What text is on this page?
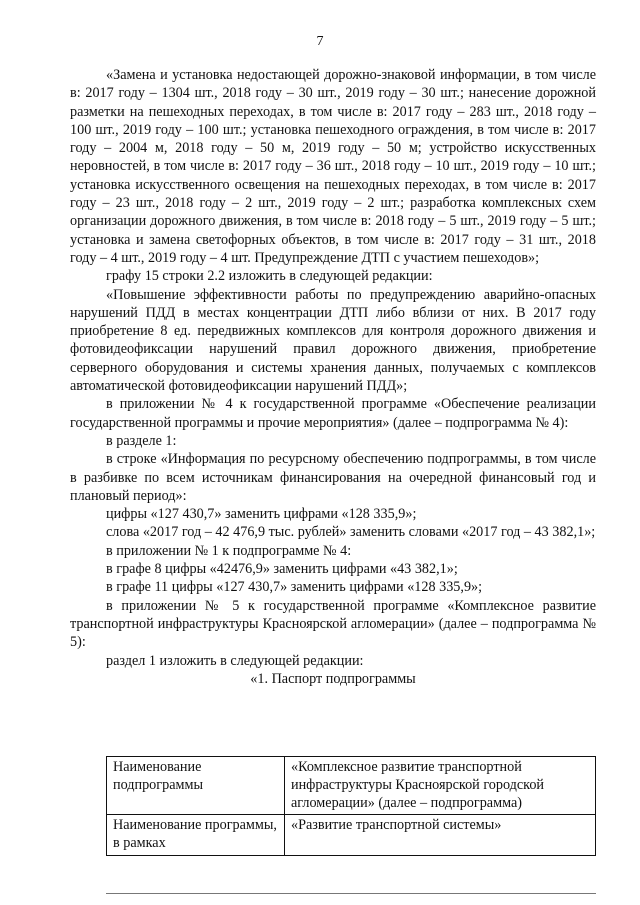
7

«Замена и установка недостающей дорожно-знаковой информации, в том числе в: 2017 году – 1304 шт., 2018 году – 30 шт., 2019 году – 30 шт.; нанесение дорожной разметки на пешеходных переходах, в том числе в: 2017 году – 283 шт., 2018 году – 100 шт., 2019 году – 100 шт.; установка пешеходного ограждения, в том числе в: 2017 году – 2004 м, 2018 году – 50 м, 2019 году – 50 м; устройство искусственных неровностей, в том числе в: 2017 году – 36 шт., 2018 году – 10 шт., 2019 году – 10 шт.; установка искусственного освещения на пешеходных переходах, в том числе в: 2017 году – 23 шт., 2018 году – 2 шт., 2019 году – 2 шт.; разработка комплексных схем организации дорожного движения, в том числе в: 2018 году – 5 шт., 2019 году – 5 шт.; установка и замена светофорных объектов, в том числе в: 2017 году – 31 шт., 2018 году – 4 шт., 2019 году – 4 шт. Предупреждение ДТП с участием пешеходов»;

графу 15 строки 2.2 изложить в следующей редакции:

«Повышение эффективности работы по предупреждению аварийно-опасных нарушений ПДД в местах концентрации ДТП либо вблизи от них. В 2017 году приобретение 8 ед. передвижных комплексов для контроля дорожного движения и фотовидеофиксации нарушений правил дорожного движения, приобретение серверного оборудования и системы хранения данных, получаемых с комплексов автоматической фотовидеофиксации нарушений ПДД»;

в приложении № 4 к государственной программе «Обеспечение реализации государственной программы и прочие мероприятия» (далее – подпрограмма № 4):

в разделе 1:

в строке «Информация по ресурсному обеспечению подпрограммы, в том числе в разбивке по всем источникам финансирования на очередной финансовый год и плановый период»:

цифры «127 430,7» заменить цифрами «128 335,9»;

слова «2017 год – 42 476,9 тыс. рублей» заменить словами «2017 год – 43 382,1»;

в приложении № 1 к подпрограмме № 4:

в графе 8 цифры «42476,9» заменить цифрами «43 382,1»;

в графе 11 цифры «127 430,7» заменить цифрами «128 335,9»;

в приложении № 5 к государственной программе «Комплексное развитие транспортной инфраструктуры Красноярской агломерации» (далее – подпрограмма № 5):

раздел 1 изложить в следующей редакции:

«1. Паспорт подпрограммы

Наименование подпрограммы	«Комплексное развитие транспортной инфраструктуры Красноярской городской агломерации» (далее – подпрограмма)

Наименование программы, в рамках	«Развитие транспортной системы»
